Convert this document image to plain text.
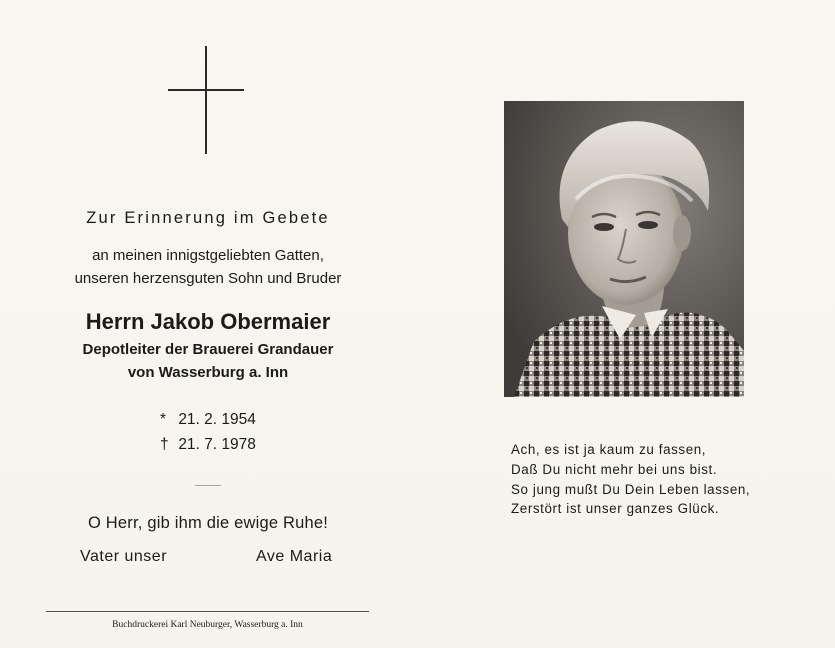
Zur Erinnerung im Gebete
an meinen innigstgeliebten Gatten,
unseren herzensguten Sohn und Bruder
Herrn Jakob Obermaier
Depotleiter der Brauerei Grandauer
von Wasserburg a. Inn
* 21. 2. 1954
† 21. 7. 1978
O Herr, gib ihm die ewige Ruhe!
Vater unser	Ave Maria
Buchdruckerei Karl Neuburger, Wasserburg a. Inn
Ach, es ist ja kaum zu fassen,
Daß Du nicht mehr bei uns bist.
So jung mußt Du Dein Leben lassen,
Zerstört ist unser ganzes Glück.
